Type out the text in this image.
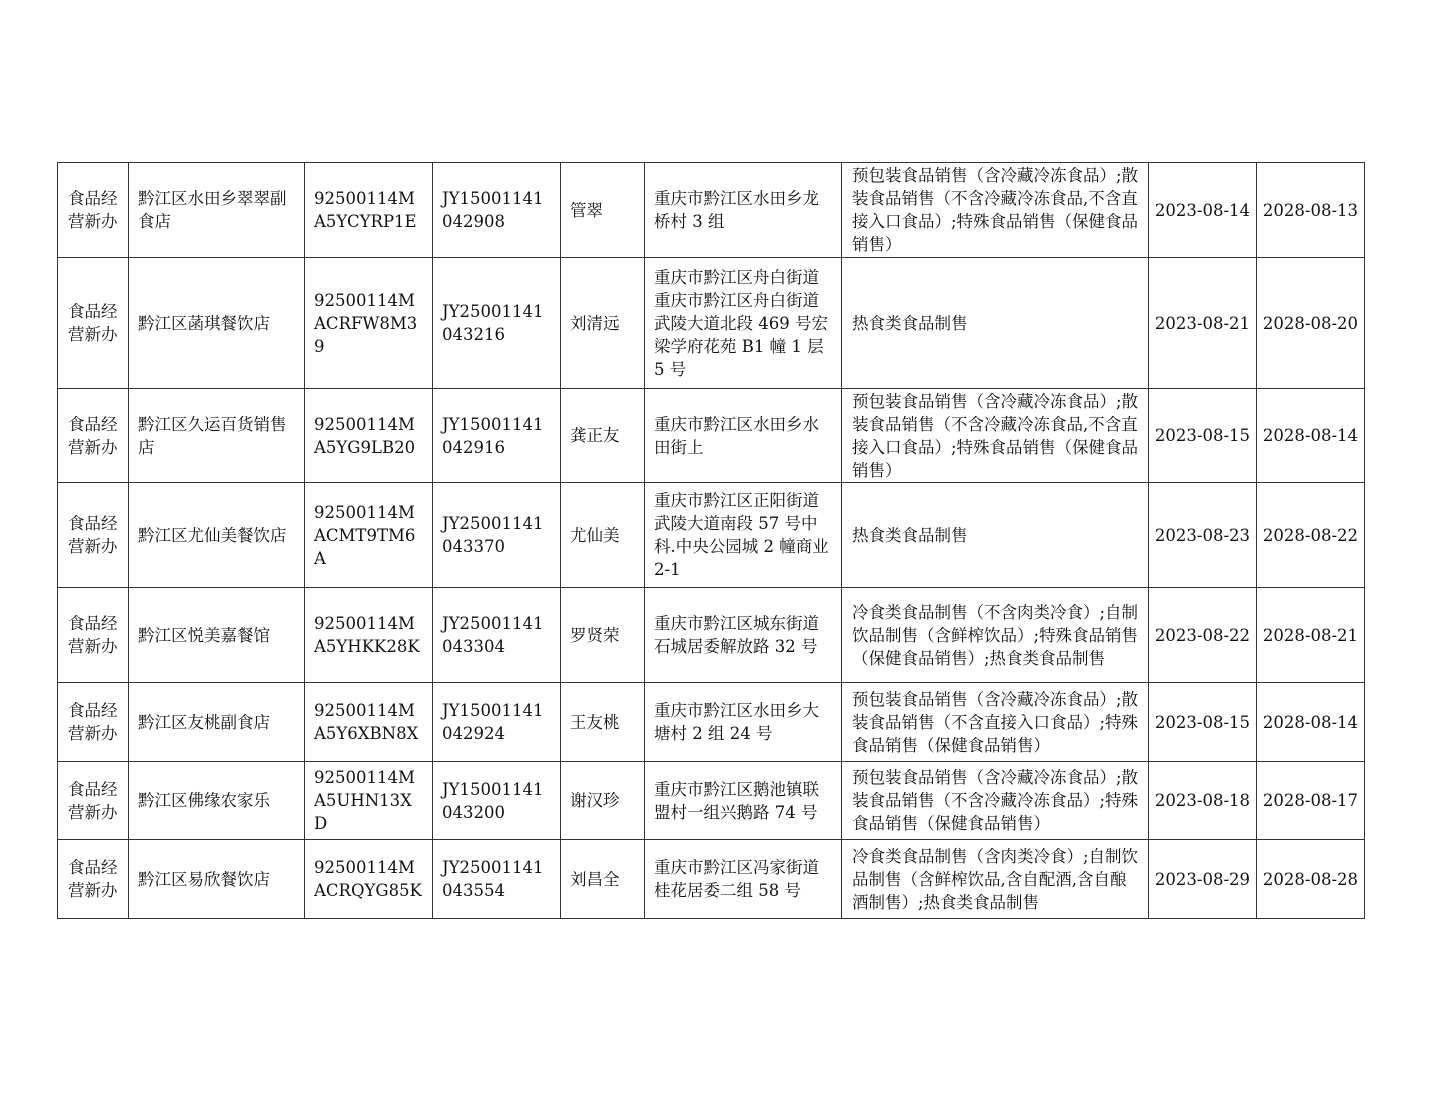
食品经营新办	黔江区水田乡翠翠副食店	92500114MA5YCYRP1E	JY15001141042908	管翠	重庆市黔江区水田乡龙桥村 3 组	预包装食品销售（含冷藏冷冻食品）;散装食品销售（不含冷藏冷冻食品,不含直接入口食品）;特殊食品销售（保健食品销售）	2023-08-14	2028-08-13
食品经营新办	黔江区菡琪餐饮店	92500114MACRFW8M39	JY25001141043216	刘清远	重庆市黔江区舟白街道重庆市黔江区舟白街道武陵大道北段 469 号宏梁学府花苑 B1 幢 1 层 5 号	热食类食品制售	2023-08-21	2028-08-20
食品经营新办	黔江区久运百货销售店	92500114MA5YG9LB20	JY15001141042916	龚正友	重庆市黔江区水田乡水田街上	预包装食品销售（含冷藏冷冻食品）;散装食品销售（不含冷藏冷冻食品,不含直接入口食品）;特殊食品销售（保健食品销售）	2023-08-15	2028-08-14
食品经营新办	黔江区尤仙美餐饮店	92500114MACMT9TM6A	JY25001141043370	尤仙美	重庆市黔江区正阳街道武陵大道南段 57 号中科.中央公园城 2 幢商业 2-1	热食类食品制售	2023-08-23	2028-08-22
食品经营新办	黔江区悦美嘉餐馆	92500114MA5YHKK28K	JY25001141043304	罗贤荣	重庆市黔江区城东街道石城居委解放路 32 号	冷食类食品制售（不含肉类冷食）;自制饮品制售（含鲜榨饮品）;特殊食品销售（保健食品销售）;热食类食品制售	2023-08-22	2028-08-21
食品经营新办	黔江区友桃副食店	92500114MA5Y6XBN8X	JY15001141042924	王友桃	重庆市黔江区水田乡大塘村 2 组 24 号	预包装食品销售（含冷藏冷冻食品）;散装食品销售（不含直接入口食品）;特殊食品销售（保健食品销售）	2023-08-15	2028-08-14
食品经营新办	黔江区佛缘农家乐	92500114MA5UHN13XD	JY15001141043200	谢汉珍	重庆市黔江区鹅池镇联盟村一组兴鹅路 74 号	预包装食品销售（含冷藏冷冻食品）;散装食品销售（不含冷藏冷冻食品）;特殊食品销售（保健食品销售）	2023-08-18	2028-08-17
食品经营新办	黔江区易欣餐饮店	92500114MACRQYG85K	JY25001141043554	刘昌全	重庆市黔江区冯家街道桂花居委二组 58 号	冷食类食品制售（含肉类冷食）;自制饮品制售（含鲜榨饮品,含自配酒,含自酿酒制售）;热食类食品制售	2023-08-29	2028-08-28
